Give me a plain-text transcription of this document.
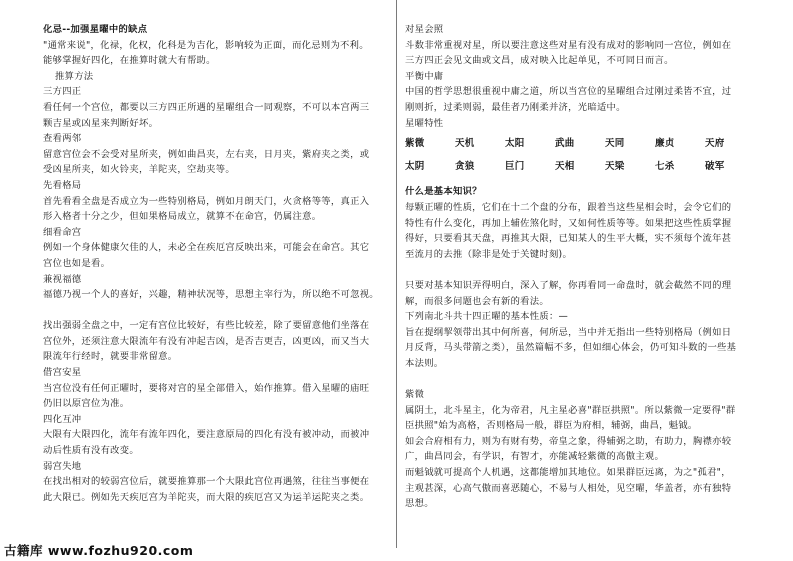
化忌--加强星曜中的缺点
"通常来说"，化禄，化权，化科是为吉化，影响较为正面，而化忌则为不利。
能够掌握好四化，在推算时就大有帮助。
推算方法
三方四正
看任何一个宫位，都要以三方四正所遇的星曜组合一同观察，不可以本宫两三
颗吉星或凶星来判断好坏。
查看两邻
留意宫位会不会受对星所夹，例如曲昌夹，左右夹，日月夹，紫府夹之类，或
受凶星所夹，如火铃夹，羊陀夹，空劫夹等。
先看格局
首先看看全盘是否成立为一些特别格局，例如月朗天门，火贪格等等，真正入
形入格者十分之少，但如果格局成立，就算不在命宫，仍属注意。
细看命宫
例如一个身体健康欠佳的人，未必全在疾厄宫反映出来，可能会在命宫。其它
宫位也如是看。
兼视福德
福德乃视一个人的喜好，兴趣，精神状况等，思想主宰行为，所以绝不可忽视。
找出强弱全盘之中，一定有宫位比较好，有些比较差，除了要留意他们坐落在
宫位外，还须注意大限流年有没有冲起吉凶，是否吉更吉，凶更凶，而又当大
限流年行经时，就要非常留意。
借宫安星
当宫位没有任何正曜时，要将对宫的星全部借入，始作推算。借入星曜的庙旺
仍旧以原宫位为准。
四化互冲
大限有大限四化，流年有流年四化，要注意原局的四化有没有被冲动，而被冲
动后性质有没有改变。
弱宫失地
在找出相对的较弱宫位后，就要推算那一个大限此宫位再遇煞，往往当事便在
此大限已。例如先天疾厄宫为羊陀夹，而大限的疾厄宫又为运羊运陀夹之类。
对星会照
斗数非常重视对星，所以要注意这些对星有没有成对的影响同一宫位，例如在
三方四正会见文曲或文昌，成对映入比起单见，不可同日而言。
平衡中庸
中国的哲学思想很重视中庸之道，所以当宫位的星曜组合过刚过柔皆不宜，过
刚则折，过柔则弱，最佳者乃刚柔并济，光暗适中。
星曜特性
紫微	天机	太阳	武曲	天同	廉贞	天府
太阴	贪狼	巨门	天相	天梁	七杀	破军
什么是基本知识？
每颗正曜的性质，它们在十二个盘的分布，跟着当这些星相会时，会令它们的
特性有什么变化，再加上辅佐煞化时，又如何性质等等。如果把这些性质掌握
得好，只要看其天盘，再推其大限，已知某人的生平大概，实不须每个流年甚
至流月的去推（除非是处于关键时刻)。
只要对基本知识弄得明白，深入了解，你再看同一命盘时，就会截然不同的理
解，而很多问题也会有新的看法。
下列南北斗共十四正曜的基本性质：—
旨在提纲挈领带出其中何所喜，何所忌，当中并无指出一些特别格局（例如日
月反背，马头带箭之类），虽然篇幅不多，但如细心体会，仍可知斗数的一些基
本法则。
紫微
属阴土，北斗星主，化为帝君，凡主星必喜"群臣拱照"。所以紫微一定要得"群
臣拱照"始为高格，否则格局一般，群臣为府相，辅弼，曲昌，魁钺。
如会合府相有力，则为有财有势，帝皇之象，得辅弼之助，有助力，胸襟亦较
广，曲昌同会，有学识，有智才，亦能减轻紫微的高傲主观。
而魁钺就可提高个人机遇，这都能增加其地位。如果群臣远离，为之"孤君"，
主观甚深，心高气傲而喜恶随心，不易与人相处，见空曜，华盖者，亦有独特
思想。
古籍库 www.fozhu920.com
